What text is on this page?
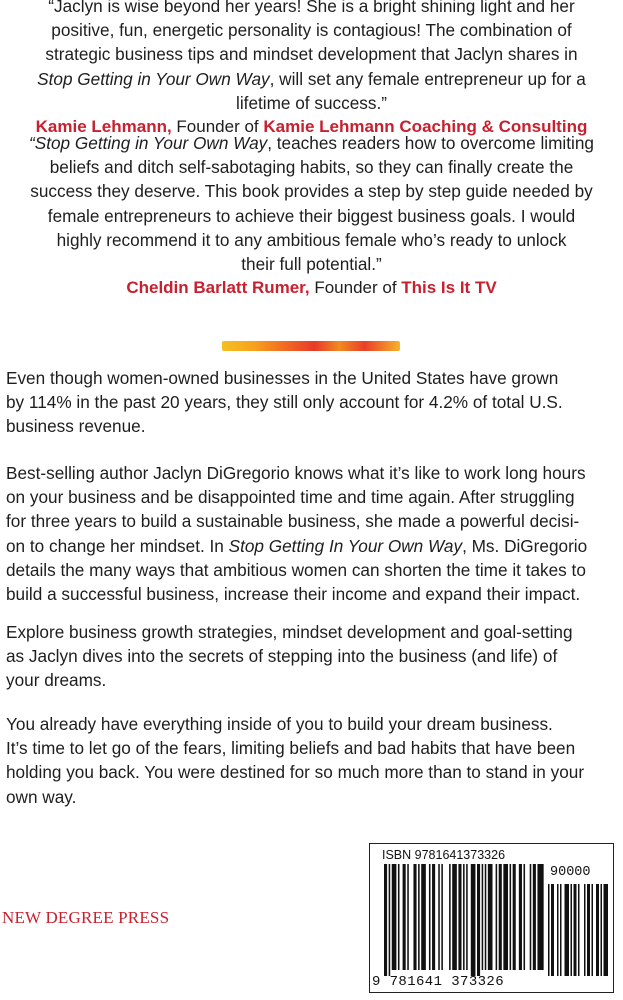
“Jaclyn is wise beyond her years! She is a bright shining light and her
positive, fun, energetic personality is contagious! The combination of
strategic business tips and mindset development that Jaclyn shares in
Stop Getting in Your Own Way, will set any female entrepreneur up for a
lifetime of success.”
Kamie Lehmann, Founder of Kamie Lehmann Coaching & Consulting
“Stop Getting in Your Own Way, teaches readers how to overcome limiting
beliefs and ditch self-sabotaging habits, so they can finally create the
success they deserve. This book provides a step by step guide needed by
female entrepreneurs to achieve their biggest business goals. I would
highly recommend it to any ambitious female who’s ready to unlock
their full potential.”
Cheldin Barlatt Rumer, Founder of This Is It TV
Even though women-owned businesses in the United States have grown
by 114% in the past 20 years, they still only account for 4.2% of total U.S.
business revenue.
Best-selling author Jaclyn DiGregorio knows what it’s like to work long hours
on your business and be disappointed time and time again. After struggling
for three years to build a sustainable business, she made a powerful decisi-
on to change her mindset. In Stop Getting In Your Own Way, Ms. DiGregorio
details the many ways that ambitious women can shorten the time it takes to
build a successful business, increase their income and expand their impact.
Explore business growth strategies, mindset development and goal-setting
as Jaclyn dives into the secrets of stepping into the business (and life) of
your dreams.
You already have everything inside of you to build your dream business.
It’s time to let go of the fears, limiting beliefs and bad habits that have been
holding you back. You were destined for so much more than to stand in your
own way.
NEW DEGREE PRESS
ISBN 9781641373326
90000
9 781641 373326
